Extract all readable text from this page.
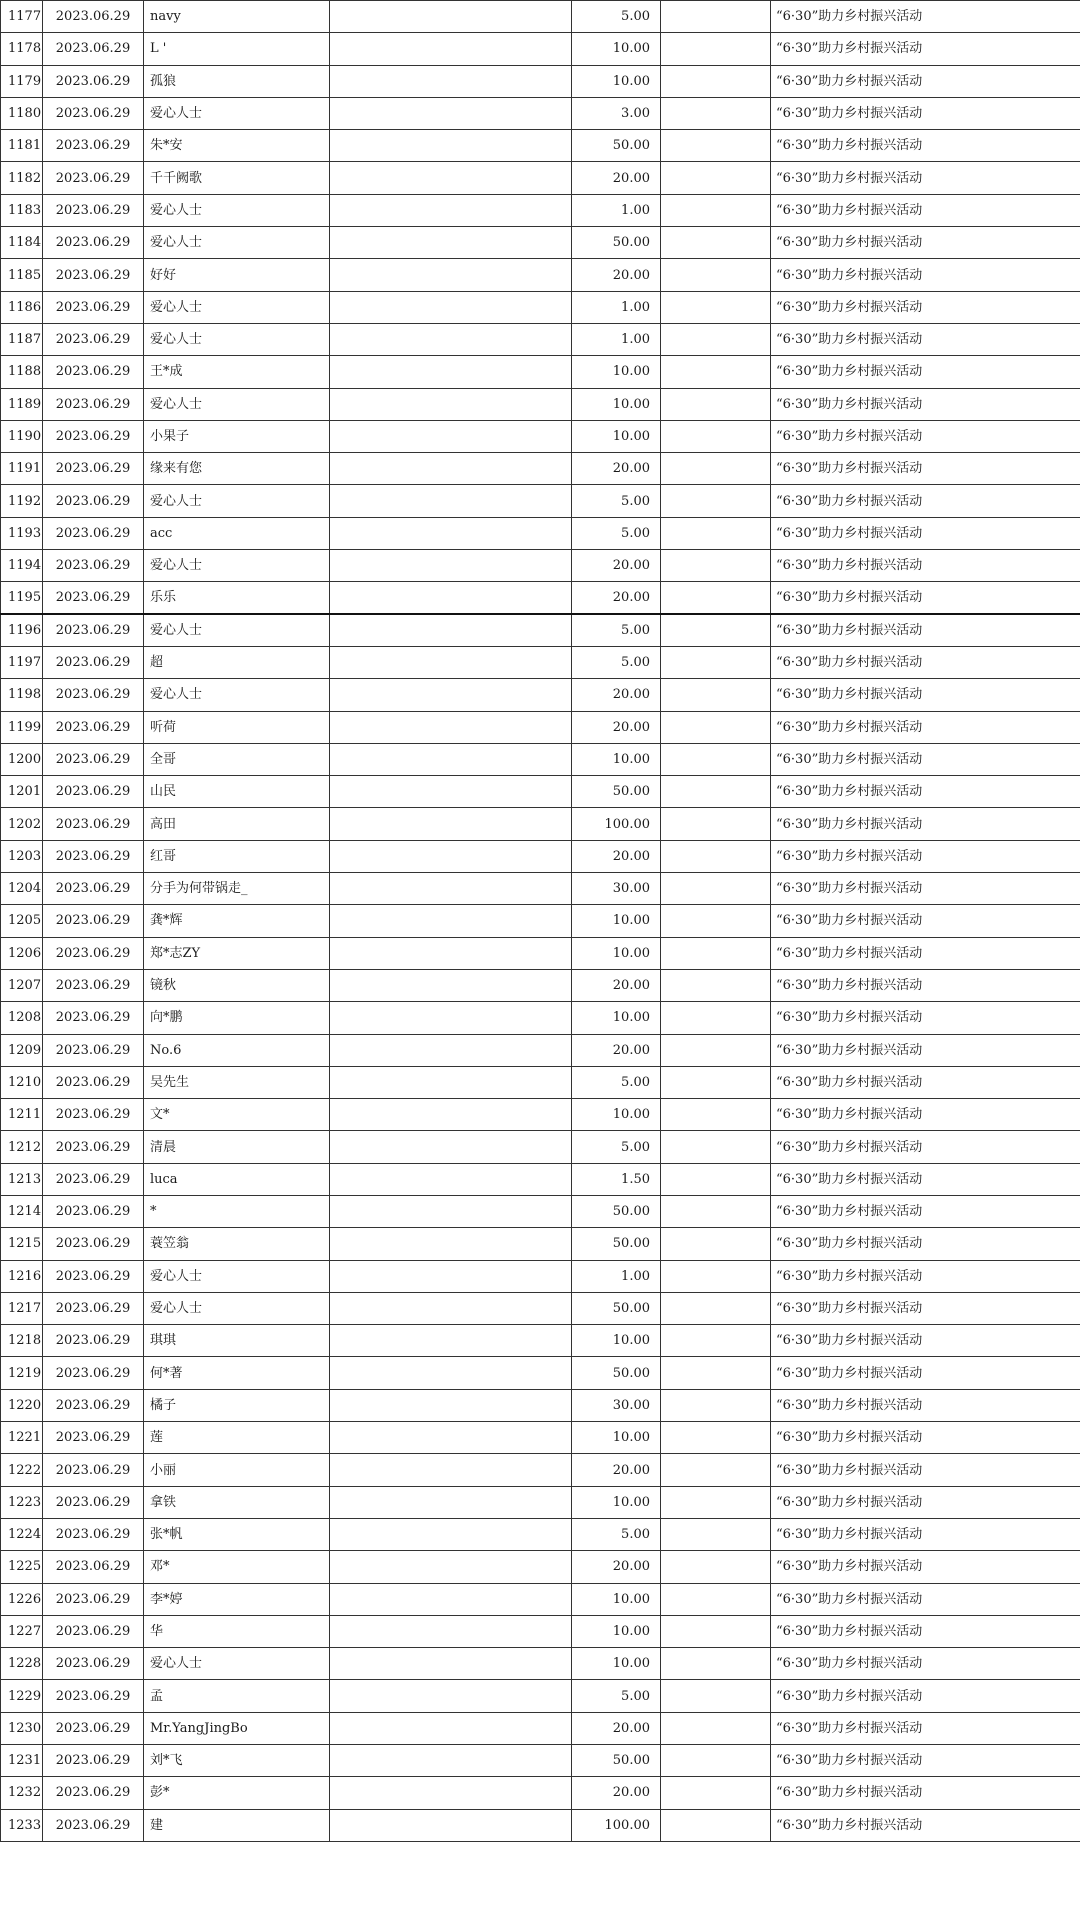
1177	2023.06.29	navy		5.00		“6·30”助力乡村振兴活动
1178	2023.06.29	L '		10.00		“6·30”助力乡村振兴活动
1179	2023.06.29	孤狼		10.00		“6·30”助力乡村振兴活动
1180	2023.06.29	爱心人士		3.00		“6·30”助力乡村振兴活动
1181	2023.06.29	朱*安		50.00		“6·30”助力乡村振兴活动
1182	2023.06.29	千千阙歌		20.00		“6·30”助力乡村振兴活动
1183	2023.06.29	爱心人士		1.00		“6·30”助力乡村振兴活动
1184	2023.06.29	爱心人士		50.00		“6·30”助力乡村振兴活动
1185	2023.06.29	好好		20.00		“6·30”助力乡村振兴活动
1186	2023.06.29	爱心人士		1.00		“6·30”助力乡村振兴活动
1187	2023.06.29	爱心人士		1.00		“6·30”助力乡村振兴活动
1188	2023.06.29	王*成		10.00		“6·30”助力乡村振兴活动
1189	2023.06.29	爱心人士		10.00		“6·30”助力乡村振兴活动
1190	2023.06.29	小果子		10.00		“6·30”助力乡村振兴活动
1191	2023.06.29	缘来有您		20.00		“6·30”助力乡村振兴活动
1192	2023.06.29	爱心人士		5.00		“6·30”助力乡村振兴活动
1193	2023.06.29	acc		5.00		“6·30”助力乡村振兴活动
1194	2023.06.29	爱心人士		20.00		“6·30”助力乡村振兴活动
1195	2023.06.29	乐乐		20.00		“6·30”助力乡村振兴活动
1196	2023.06.29	爱心人士		5.00		“6·30”助力乡村振兴活动
1197	2023.06.29	超		5.00		“6·30”助力乡村振兴活动
1198	2023.06.29	爱心人士		20.00		“6·30”助力乡村振兴活动
1199	2023.06.29	听荷		20.00		“6·30”助力乡村振兴活动
1200	2023.06.29	全哥		10.00		“6·30”助力乡村振兴活动
1201	2023.06.29	山民		50.00		“6·30”助力乡村振兴活动
1202	2023.06.29	高田		100.00		“6·30”助力乡村振兴活动
1203	2023.06.29	红哥		20.00		“6·30”助力乡村振兴活动
1204	2023.06.29	分手为何带锅走_		30.00		“6·30”助力乡村振兴活动
1205	2023.06.29	龚*辉		10.00		“6·30”助力乡村振兴活动
1206	2023.06.29	郑*志ZY		10.00		“6·30”助力乡村振兴活动
1207	2023.06.29	镜秋		20.00		“6·30”助力乡村振兴活动
1208	2023.06.29	向*鹏		10.00		“6·30”助力乡村振兴活动
1209	2023.06.29	No.6		20.00		“6·30”助力乡村振兴活动
1210	2023.06.29	吴先生		5.00		“6·30”助力乡村振兴活动
1211	2023.06.29	文*		10.00		“6·30”助力乡村振兴活动
1212	2023.06.29	清晨		5.00		“6·30”助力乡村振兴活动
1213	2023.06.29	luca		1.50		“6·30”助力乡村振兴活动
1214	2023.06.29	*		50.00		“6·30”助力乡村振兴活动
1215	2023.06.29	蓑笠翁		50.00		“6·30”助力乡村振兴活动
1216	2023.06.29	爱心人士		1.00		“6·30”助力乡村振兴活动
1217	2023.06.29	爱心人士		50.00		“6·30”助力乡村振兴活动
1218	2023.06.29	琪琪		10.00		“6·30”助力乡村振兴活动
1219	2023.06.29	何*著		50.00		“6·30”助力乡村振兴活动
1220	2023.06.29	橘子		30.00		“6·30”助力乡村振兴活动
1221	2023.06.29	莲		10.00		“6·30”助力乡村振兴活动
1222	2023.06.29	小丽		20.00		“6·30”助力乡村振兴活动
1223	2023.06.29	拿铁		10.00		“6·30”助力乡村振兴活动
1224	2023.06.29	张*帆		5.00		“6·30”助力乡村振兴活动
1225	2023.06.29	邓*		20.00		“6·30”助力乡村振兴活动
1226	2023.06.29	李*婷		10.00		“6·30”助力乡村振兴活动
1227	2023.06.29	华		10.00		“6·30”助力乡村振兴活动
1228	2023.06.29	爱心人士		10.00		“6·30”助力乡村振兴活动
1229	2023.06.29	孟		5.00		“6·30”助力乡村振兴活动
1230	2023.06.29	Mr.YangJingBo		20.00		“6·30”助力乡村振兴活动
1231	2023.06.29	刘*飞		50.00		“6·30”助力乡村振兴活动
1232	2023.06.29	彭*		20.00		“6·30”助力乡村振兴活动
1233	2023.06.29	建		100.00		“6·30”助力乡村振兴活动
